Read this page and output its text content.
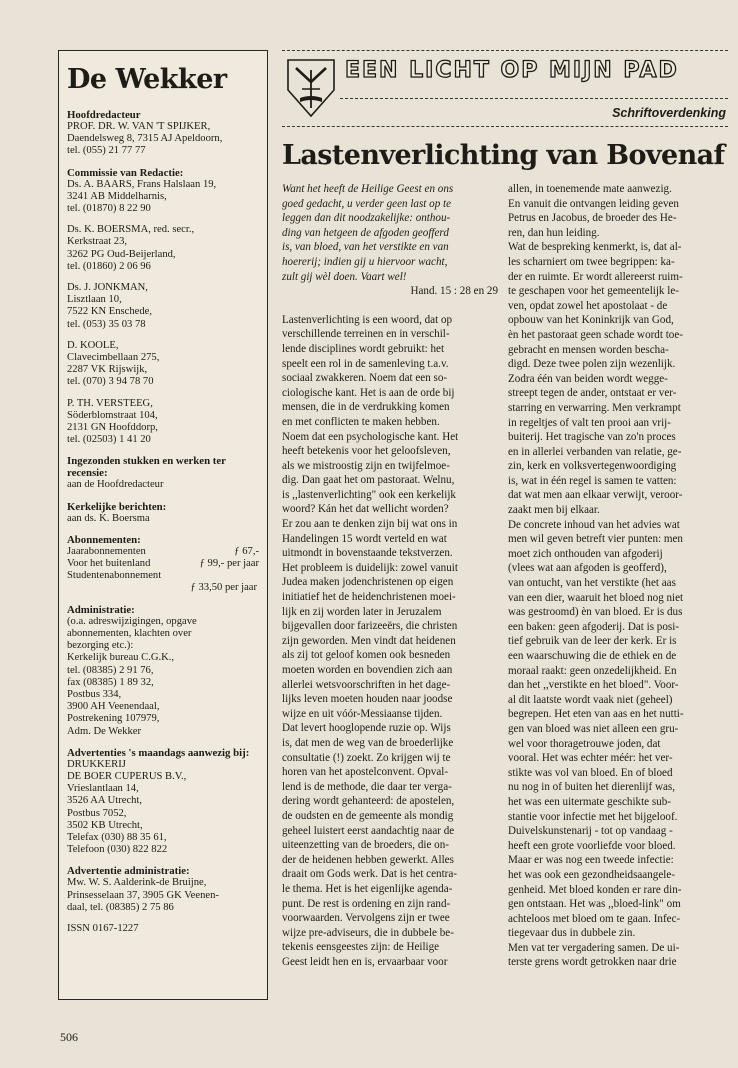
De Wekker
Hoofdredacteur
PROF. DR. W. VAN 'T SPIJKER,
Daendelsweg 8, 7315 AJ Apeldoorn,
tel. (055) 21 77 77
Commissie van Redactie:
Ds. A. BAARS, Frans Halslaan 19,
3241 AB Middelharnis,
tel. (01870) 8 22 90
Ds. K. BOERSMA, red. secr.,
Kerkstraat 23,
3262 PG Oud-Beijerland,
tel. (01860) 2 06 96
Ds. J. JONKMAN,
Lisztlaan 10,
7522 KN Enschede,
tel. (053) 35 03 78
D. KOOLE,
Clavecimbellaan 275,
2287 VK Rijswijk,
tel. (070) 3 94 78 70
P. TH. VERSTEEG,
Söderblomstraat 104,
2131 GN Hoofddorp,
tel. (02503) 1 41 20
Ingezonden stukken en werken ter recensie:
aan de Hoofdredacteur
Kerkelijke berichten:
aan ds. K. Boersma
Abonnementen:
Jaarabonnementen	ƒ 67,-
Voor het buitenland	ƒ 99,- per jaar
Studentenabonnement
ƒ 33,50 per jaar
Administratie:
(o.a. adreswijzigingen, opgave
abonnementen, klachten over
bezorging etc.):
Kerkelijk bureau C.G.K.,
tel. (08385) 2 91 76,
fax (08385) 1 89 32,
Postbus 334,
3900 AH Veenendaal,
Postrekening 107979,
Adm. De Wekker
Advertenties 's maandags aanwezig bij:
DRUKKERIJ
DE BOER CUPERUS B.V.,
Vrieslantlaan 14,
3526 AA Utrecht,
Postbus 7052,
3502 KB Utrecht,
Telefax (030) 88 35 61,
Telefoon (030) 822 822
Advertentie administratie:
Mw. W. S. Aalderink-de Bruijne,
Prinsesselaan 37, 3905 GK Veenen-
daal, tel. (08385) 2 75 86
ISSN 0167-1227
EEN LICHT OP MIJN PAD
Schriftoverdenking
Lastenverlichting van Bovenaf
Want het heeft de Heilige Geest en ons
goed gedacht, u verder geen last op te
leggen dan dit noodzakelijke: onthou-
ding van hetgeen de afgoden geofferd
is, van bloed, van het verstikte en van
hoererij; indien gij u hiervoor wacht,
zult gij wèl doen. Vaart wel!
Hand. 15 : 28 en 29
Lastenverlichting is een woord, dat op
verschillende terreinen en in verschil-
lende disciplines wordt gebruikt: het
speelt een rol in de samenleving t.a.v.
sociaal zwakkeren. Noem dat een so-
ciologische kant. Het is aan de orde bij
mensen, die in de verdrukking komen
en met conflicten te maken hebben.
Noem dat een psychologische kant. Het
heeft betekenis voor het geloofsleven,
als we mistroostig zijn en twijfelmoe-
dig. Dan gaat het om pastoraat. Welnu,
is ,,lastenverlichting" ook een kerkelijk
woord? Kán het dat wellicht worden?
Er zou aan te denken zijn bij wat ons in
Handelingen 15 wordt verteld en wat
uitmondt in bovenstaande tekstverzen.
Het probleem is duidelijk: zowel vanuit
Judea maken jodenchristenen op eigen
initiatief het de heidenchristenen moei-
lijk en zij worden later in Jeruzalem
bijgevallen door farizeeërs, die christen
zijn geworden. Men vindt dat heidenen
als zij tot geloof komen ook besneden
moeten worden en bovendien zich aan
allerlei wetsvoorschriften in het dage-
lijks leven moeten houden naar joodse
wijze en uit vóór-Messiaanse tijden.
Dat levert hooglopende ruzie op. Wijs
is, dat men de weg van de broederlijke
consultatie (!) zoekt. Zo krijgen wij te
horen van het apostelconvent. Opval-
lend is de methode, die daar ter verga-
dering wordt gehanteerd: de apostelen,
de oudsten en de gemeente als mondig
geheel luistert eerst aandachtig naar de
uiteenzetting van de broeders, die on-
der de heidenen hebben gewerkt. Alles
draait om Gods werk. Dat is het centra-
le thema. Het is het eigenlijke agenda-
punt. De rest is ordening en zijn rand-
voorwaarden. Vervolgens zijn er twee
wijze pre-adviseurs, die in dubbele be-
tekenis eensgeestes zijn: de Heilige
Geest leidt hen en is, ervaarbaar voor
allen, in toenemende mate aanwezig.
En vanuit die ontvangen leiding geven
Petrus en Jacobus, de broeder des He-
ren, dan hun leiding.
Wat de bespreking kenmerkt, is, dat al-
les scharniert om twee begrippen: ka-
der en ruimte. Er wordt allereerst ruim-
te geschapen voor het gemeentelijk le-
ven, opdat zowel het apostolaat - de
opbouw van het Koninkrijk van God,
èn het pastoraat geen schade wordt toe-
gebracht en mensen worden bescha-
digd. Deze twee polen zijn wezenlijk.
Zodra één van beiden wordt wegge-
streept tegen de ander, ontstaat er ver-
starring en verwarring. Men verkrampt
in regeltjes of valt ten prooi aan vrij-
buiterij. Het tragische van zo'n proces
en in allerlei verbanden van relatie, ge-
zin, kerk en volksvertegenwoordiging
is, wat in één regel is samen te vatten:
dat wat men aan elkaar verwijt, veroor-
zaakt men bij elkaar.
De concrete inhoud van het advies wat
men wil geven betreft vier punten: men
moet zich onthouden van afgoderij
(vlees wat aan afgoden is geofferd),
van ontucht, van het verstikte (het aas
van een dier, waaruit het bloed nog niet
was gestroomd) èn van bloed. Er is dus
een baken: geen afgoderij. Dat is posi-
tief gebruik van de leer der kerk. Er is
een waarschuwing die de ethiek en de
moraal raakt: geen onzedelijkheid. En
dan het ,,verstikte en het bloed". Voor-
al dit laatste wordt vaak niet (geheel)
begrepen. Het eten van aas en het nutti-
gen van bloed was niet alleen een gru-
wel voor thoragetrouwe joden, dat
vooral. Het was echter méér: het ver-
stikte was vol van bloed. En of bloed
nu nog in of buiten het dierenlijf was,
het was een uitermate geschikte sub-
stantie voor infectie met het bijgeloof.
Duivelskunstenarij - tot op vandaag -
heeft een grote voorliefde voor bloed.
Maar er was nog een tweede infectie:
het was ook een gezondheidsaangele-
genheid. Met bloed konden er rare din-
gen ontstaan. Het was ,,bloed-link" om
achteloos met bloed om te gaan. Infec-
tiegevaar dus in dubbele zin.
Men vat ter vergadering samen. De ui-
terste grens wordt getrokken naar drie
506
